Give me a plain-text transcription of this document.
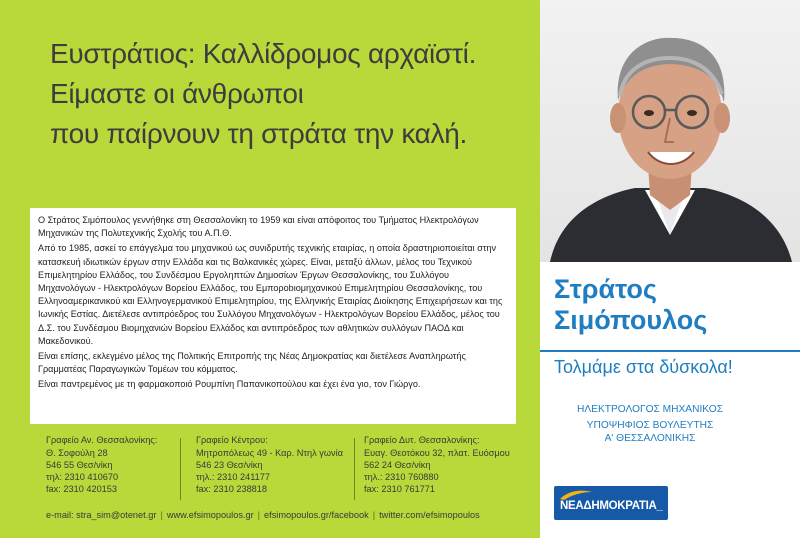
Ευστράτιος: Καλλίδρομος αρχαϊστί.
Είμαστε οι άνθρωποι
που παίρνουν τη στράτα την καλή.

Ο Στράτος Σιμόπουλος γεννήθηκε στη Θεσσαλονίκη το 1959 και είναι απόφοιτος του Τμήματος Ηλεκτρολόγων Μηχανικών της Πολυτεχνικής Σχολής του Α.Π.Θ.

Από το 1985, ασκεί το επάγγελμα του μηχανικού ως συνιδρυτής τεχνικής εταιρίας, η οποία δραστηριοποιείται στην κατασκευή ιδιωτικών έργων στην Ελλάδα και τις Βαλκανικές χώρες. Είναι, μεταξύ άλλων, μέλος του Τεχνικού Επιμελητηρίου Ελλάδος, του Συνδέσμου Εργοληπτών Δημοσίων Έργων Θεσσαλονίκης, του Συλλόγου Μηχανολόγων - Ηλεκτρολόγων Βορείου Ελλάδος, του Εμπορobιομηχανικού Επιμελητηρίου Θεσσαλονίκης, του Ελληνοαμερικανικού και Ελληνογερμανικού Επιμελητηρίου, της Ελληνικής Εταιρίας Διοίκησης Επιχειρήσεων και της Ιωνικής Εστίας. Διετέλεσε αντιπρόεδρος του Συλλόγου Μηχανολόγων - Ηλεκτρολόγων Βορείου Ελλάδος, μέλος του Δ.Σ. του Συνδέσμου Βιομηχανιών Βορείου Ελλάδος και αντιπρόεδρος των αθλητικών συλλόγων ΠΑΟΔ και Μακεδονικού.

Είναι επίσης, εκλεγμένο μέλος της Πολιτικής Επιτροπής της Νέας Δημοκρατίας και διετέλεσε Αναπληρωτής Γραμματέας Παραγωγικών Τομέων του κόμματος.

Είναι παντρεμένος με τη φαρμακοποιό Ρουμπίνη Παπανικοπούλου και έχει ένα γιο, τον Γιώργο.

Στράτος
Σιμόπουλος
Τολμάμε στα δύσκολα!
ΗΛΕΚΤΡΟΛΟΓΟΣ ΜΗΧΑΝΙΚΟΣ
ΥΠΟΨΗΦΙΟΣ ΒΟΥΛΕΥΤΗΣ
Α' ΘΕΣΣΑΛΟΝΙΚΗΣ
ΝΕΑΔΗΜΟΚΡΑΤΙΑ_
Γραφείο Αν. Θεσσαλονίκης:
Θ. Σοφούλη 28
546 55 Θεσ/νίκη
τηλ: 2310 410670
fax: 2310 420153
Γραφείο Κέντρου:
Μητροπόλεως 49 - Καρ. Ντηλ γωνία
546 23 Θεσ/νίκη
τηλ.: 2310 241177
fax: 2310 238818
Γραφείο Δυτ. Θεσσαλονίκης:
Ευαγ. Θεοτόκου 32, πλατ. Ευόσμου
562 24 Θεσ/νίκη
τηλ.: 2310 760880
fax: 2310 761771
e-mail: stra_sim@otenet.gr | www.efsimopoulos.gr | efsimopoulos.gr/facebook | twitter.com/efsimopoulos
